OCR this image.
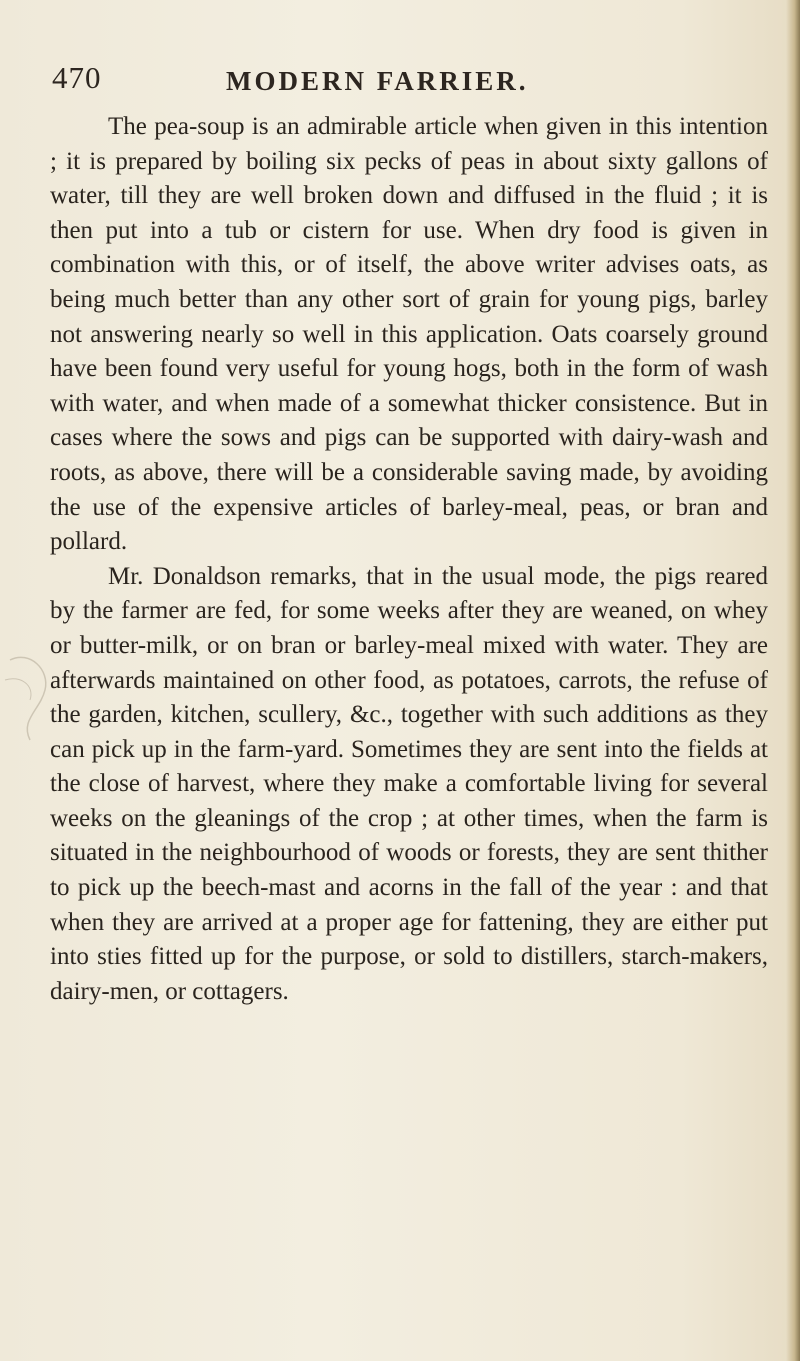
470	MODERN FARRIER.

The pea-soup is an admirable article when given in this intention ; it is prepared by boiling six pecks of peas in about sixty gallons of water, till they are well broken down and diffused in the fluid ; it is then put into a tub or cistern for use. When dry food is given in combination with this, or of itself, the above writer advises oats, as being much better than any other sort of grain for young pigs, barley not answering nearly so well in this application. Oats coarsely ground have been found very useful for young hogs, both in the form of wash with water, and when made of a somewhat thicker consistence. But in cases where the sows and pigs can be supported with dairy-wash and roots, as above, there will be a considerable saving made, by avoiding the use of the expensive articles of barley-meal, peas, or bran and pollard.

Mr. Donaldson remarks, that in the usual mode, the pigs reared by the farmer are fed, for some weeks after they are weaned, on whey or butter-milk, or on bran or barley-meal mixed with water. They are afterwards maintained on other food, as potatoes, carrots, the refuse of the garden, kitchen, scullery, &c., together with such additions as they can pick up in the farm-yard. Sometimes they are sent into the fields at the close of harvest, where they make a comfortable living for several weeks on the gleanings of the crop ; at other times, when the farm is situated in the neighbourhood of woods or forests, they are sent thither to pick up the beech-mast and acorns in the fall of the year : and that when they are arrived at a proper age for fattening, they are either put into sties fitted up for the purpose, or sold to distillers, starch-makers, dairy-men, or cottagers.
